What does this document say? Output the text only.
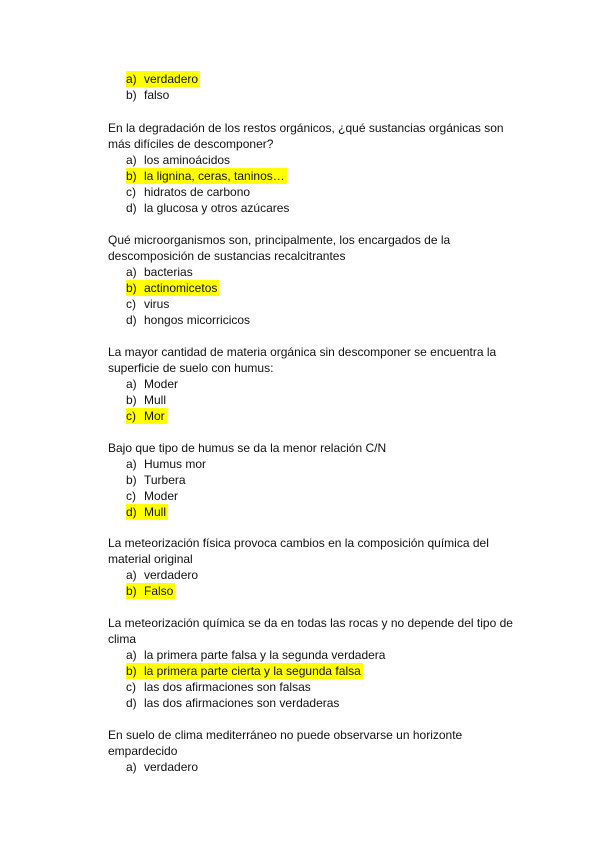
a) verdadero
b) falso

En la degradación de los restos orgánicos, ¿qué sustancias orgánicas son más difíciles de descomponer?

a) los aminoácidos
b) la lignina, ceras, taninos…
c) hidratos de carbono
d) la glucosa y otros azúcares

Qué microorganismos son, principalmente, los encargados de la descomposición de sustancias recalcitrantes

a) bacterias
b) actinomicetos
c) virus
d) hongos micorricicos

La mayor cantidad de materia orgánica sin descomponer se encuentra la superficie de suelo con humus:

a) Moder
b) Mull
c) Mor

Bajo que tipo de humus se da la menor relación C/N

a) Humus mor
b) Turbera
c) Moder
d) Mull

La meteorización física provoca cambios en la composición química del material original

a) verdadero
b) Falso

La meteorización química se da en todas las rocas y no depende del tipo de clima

a) la primera parte falsa y la segunda verdadera
b) la primera parte cierta y la segunda falsa
c) las dos afirmaciones son falsas
d) las dos afirmaciones son verdaderas

En suelo de clima mediterráneo no puede observarse un horizonte empardecido

a) verdadero
